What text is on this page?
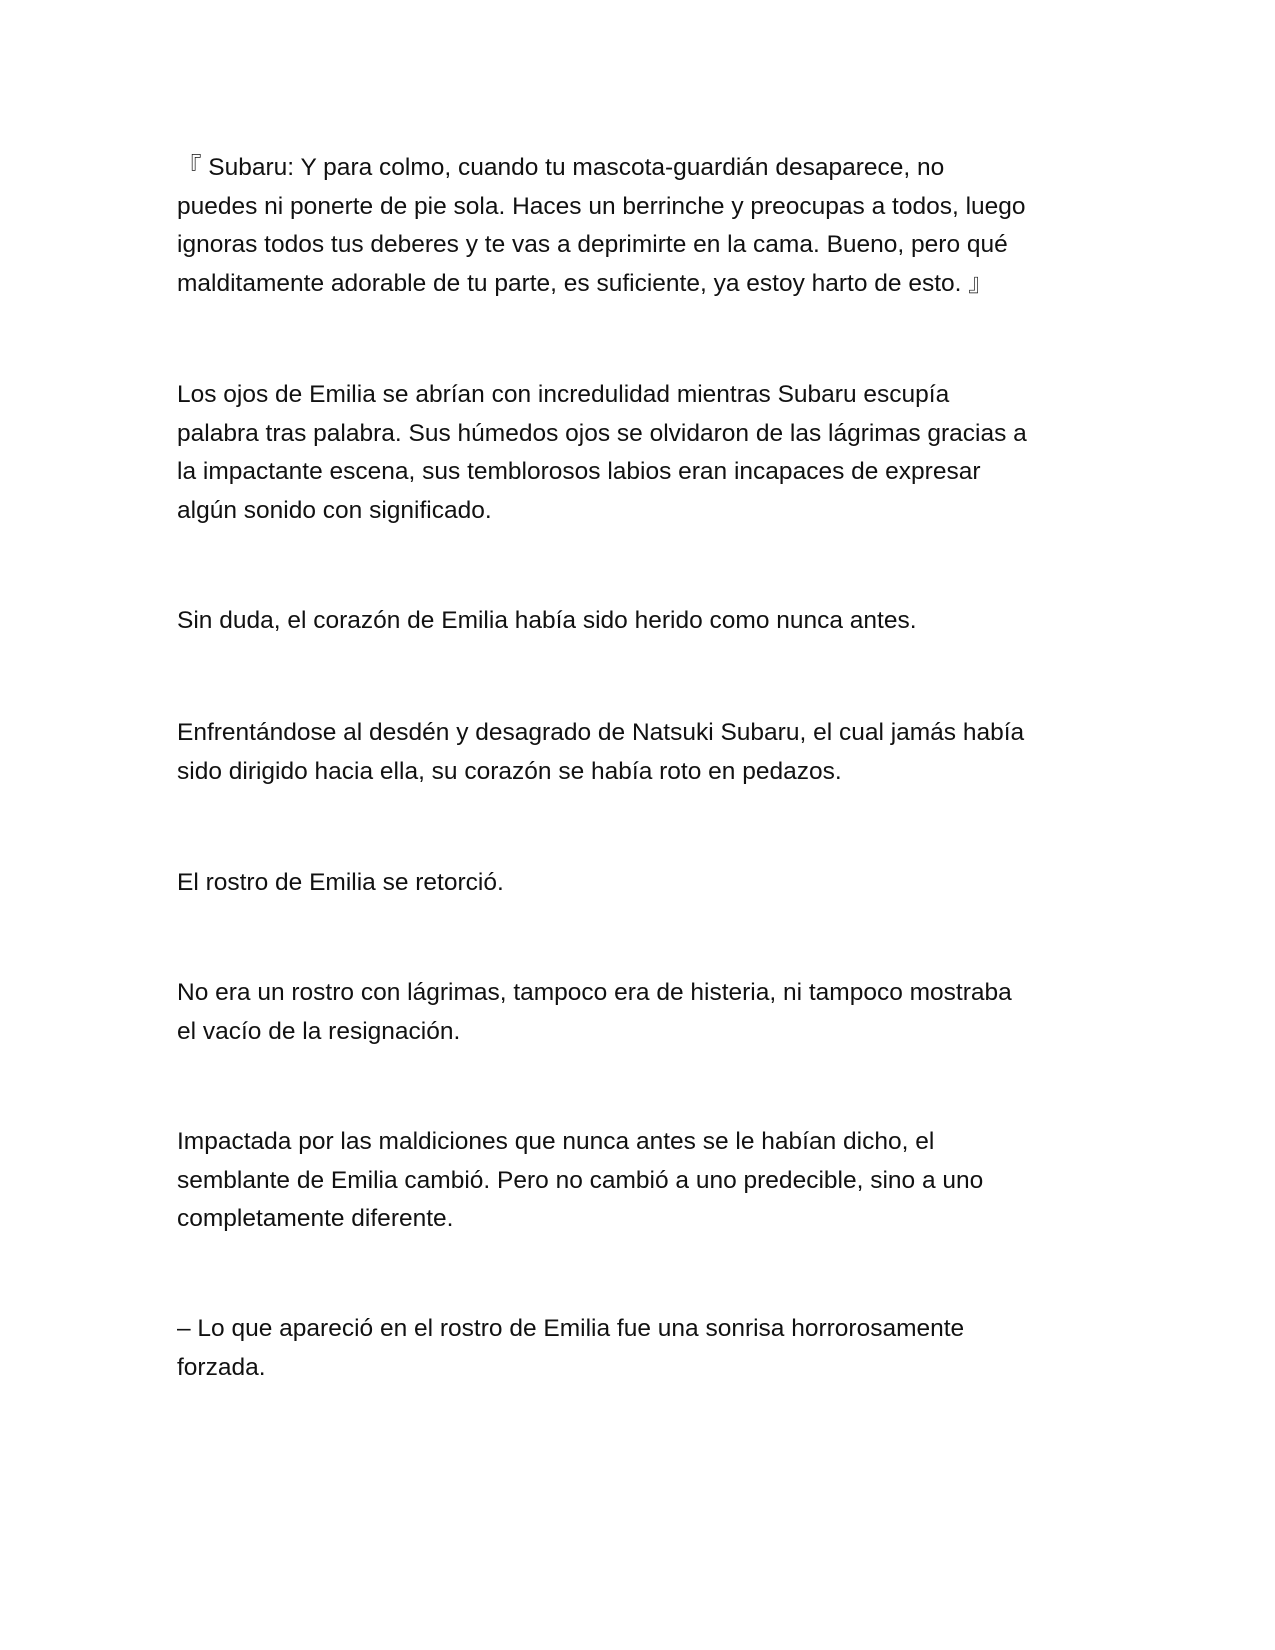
『 Subaru: Y para colmo, cuando tu mascota-guardián desaparece, no
puedes ni ponerte de pie sola. Haces un berrinche y preocupas a todos, luego
ignoras todos tus deberes y te vas a deprimirte en la cama. Bueno, pero qué
malditamente adorable de tu parte, es suficiente, ya estoy harto de esto. 』

Los ojos de Emilia se abrían con incredulidad mientras Subaru escupía
palabra tras palabra. Sus húmedos ojos se olvidaron de las lágrimas gracias a
la impactante escena, sus temblorosos labios eran incapaces de expresar
algún sonido con significado.

Sin duda, el corazón de Emilia había sido herido como nunca antes.

Enfrentándose al desdén y desagrado de Natsuki Subaru, el cual jamás había
sido dirigido hacia ella, su corazón se había roto en pedazos.

El rostro de Emilia se retorció.

No era un rostro con lágrimas, tampoco era de histeria, ni tampoco mostraba
el vacío de la resignación.

Impactada por las maldiciones que nunca antes se le habían dicho, el
semblante de Emilia cambió. Pero no cambió a uno predecible, sino a uno
completamente diferente.

– Lo que apareció en el rostro de Emilia fue una sonrisa horrorosamente
forzada.
